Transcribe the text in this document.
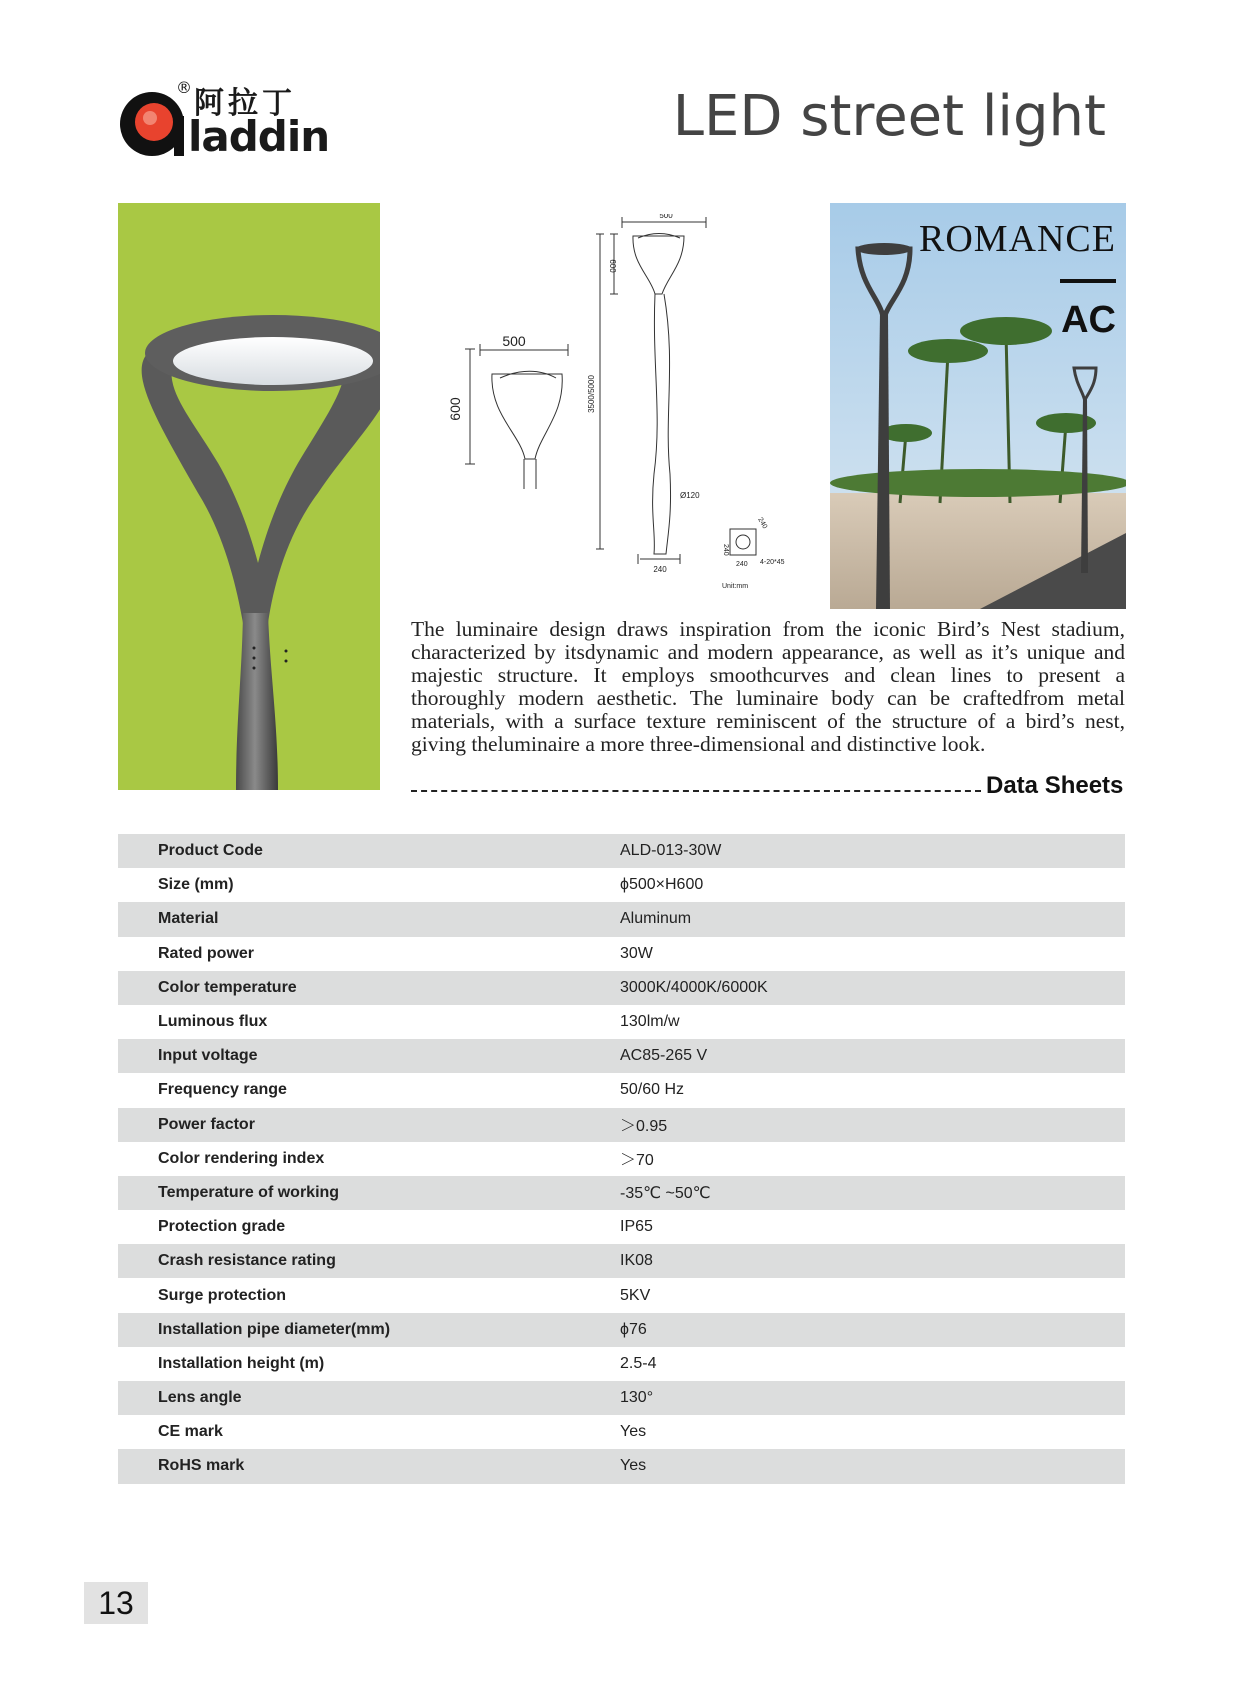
® 阿拉丁
laddin	LED street light
500
600
500
600
3500/5000
Ø120
240
240
240
240
4-20*45
Unit:mm
ROMANCE
AC

The luminaire design draws inspiration from the iconic Bird’s Nest stadium, characterized by itsdynamic and modern appearance, as well as it’s unique and majestic structure. It employs smoothcurves and clean lines to present a thoroughly modern aesthetic. The luminaire body can be craftedfrom metal materials, with a surface texture reminiscent of the structure of a bird’s nest, giving theluminaire a more three-dimensional and distinctive look.

Data Sheets
Product Code	ALD-013-30W
Size (mm)	ϕ500×H600
Material	Aluminum
Rated power	30W
Color temperature	3000K/4000K/6000K
Luminous flux	130lm/w
Input voltage	AC85-265 V
Frequency range	50/60 Hz
Power factor	＞0.95
Color rendering index	＞70
Temperature of working	-35℃ ~50℃
Protection grade	IP65
Crash resistance rating	IK08
Surge protection	5KV
Installation pipe diameter(mm)	ϕ76
Installation height (m)	2.5-4
Lens angle	130°
CE mark	Yes
RoHS mark	Yes
13
